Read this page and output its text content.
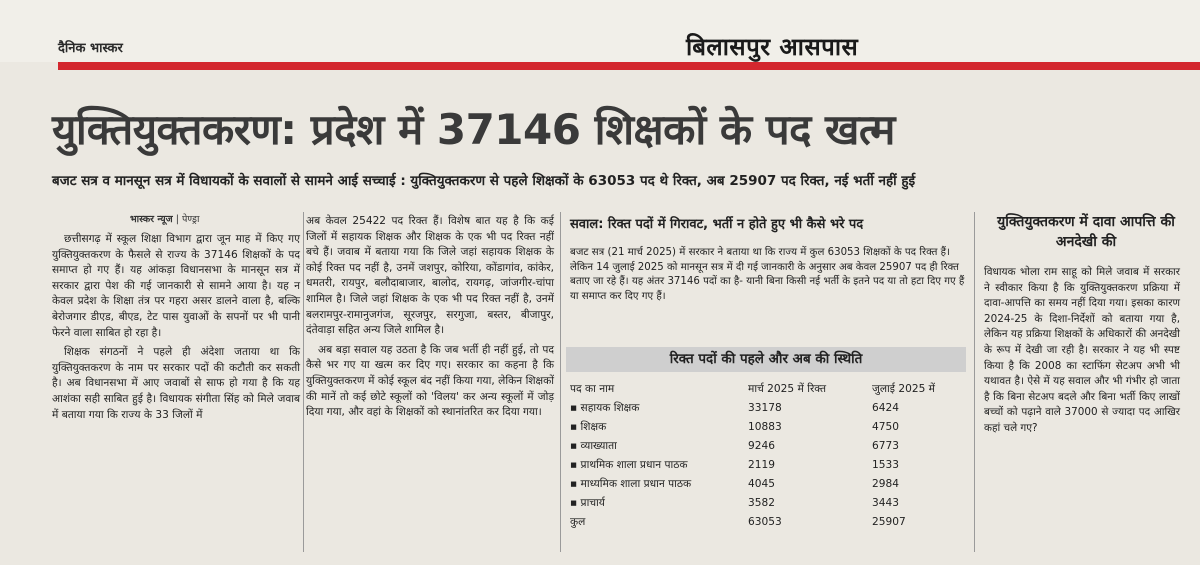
दैनिक भास्कर	बिलासपुर आसपास
युक्तियुक्तकरण: प्रदेश में 37146 शिक्षकों के पद खत्म
बजट सत्र व मानसून सत्र में विधायकों के सवालों से सामने आई सच्चाई : युक्तियुक्तकरण से पहले शिक्षकों के 63053 पद थे रिक्त, अब 25907 पद रिक्त, नई भर्ती नहीं हुई
भास्कर न्यूज | पेण्ड्रा

छत्तीसगढ़ में स्कूल शिक्षा विभाग द्वारा जून माह में किए गए युक्तियुक्तकरण के फैसले से राज्य के 37146 शिक्षकों के पद समाप्त हो गए हैं। यह आंकड़ा विधानसभा के मानसून सत्र में सरकार द्वारा पेश की गई जानकारी से सामने आया है। यह न केवल प्रदेश के शिक्षा तंत्र पर गहरा असर डालने वाला है, बल्कि बेरोजगार डीएड, बीएड, टेट पास युवाओं के सपनों पर भी पानी फेरने वाला साबित हो रहा है।

शिक्षक संगठनों ने पहले ही अंदेशा जताया था कि युक्तियुक्तकरण के नाम पर सरकार पदों की कटौती कर सकती है। अब विधानसभा में आए जवाबों से साफ हो गया है कि यह आशंका सही साबित हुई है। विधायक संगीता सिंह को मिले जवाब में बताया गया कि राज्य के 33 जिलों में

अब केवल 25422 पद रिक्त हैं। विशेष बात यह है कि कई जिलों में सहायक शिक्षक और शिक्षक के एक भी पद रिक्त नहीं बचे हैं। जवाब में बताया गया कि जिले जहां सहायक शिक्षक के कोई रिक्त पद नहीं है, उनमें जशपुर, कोरिया, कोंडागांव, कांकेर, धमतरी, रायपुर, बलौदाबाजार, बालोद, रायगढ़, जांजगीर-चांपा शामिल है। जिले जहां शिक्षक के एक भी पद रिक्त नहीं है, उनमें बलरामपुर-रामानुजगंज, सूरजपुर, सरगुजा, बस्तर, बीजापुर, दंतेवाड़ा सहित अन्य जिले शामिल है।

अब बड़ा सवाल यह उठता है कि जब भर्ती ही नहीं हुई, तो पद कैसे भर गए या खत्म कर दिए गए। सरकार का कहना है कि युक्तियुक्तकरण में कोई स्कूल बंद नहीं किया गया, लेकिन शिक्षकों की मानें तो कई छोटे स्कूलों को 'विलय' कर अन्य स्कूलों में जोड़ दिया गया, और वहां के शिक्षकों को स्थानांतरित कर दिया गया।

सवाल: रिक्त पदों में गिरावट, भर्ती न होते हुए भी कैसे भरे पद
बजट सत्र (21 मार्च 2025) में सरकार ने बताया था कि राज्य में कुल 63053 शिक्षकों के पद रिक्त हैं। लेकिन 14 जुलाई 2025 को मानसून सत्र में दी गई जानकारी के अनुसार अब केवल 25907 पद ही रिक्त बताए जा रहे हैं। यह अंतर 37146 पदों का है- यानी बिना किसी नई भर्ती के इतने पद या तो हटा दिए गए हैं या समाप्त कर दिए गए हैं।
रिक्त पदों की पहले और अब की स्थिति
पद का नाम	मार्च 2025 में रिक्त	जुलाई 2025 में
▪ सहायक शिक्षक	33178	6424
▪ शिक्षक	10883	4750
▪ व्याख्याता	9246	6773
▪ प्राथमिक शाला प्रधान पाठक	2119	1533
▪ माध्यमिक शाला प्रधान पाठक	4045	2984
▪ प्राचार्य	3582	3443
कुल	63053	25907
युक्तियुक्तकरण में दावा आपत्ति की अनदेखी की

विधायक भोला राम साहू को मिले जवाब में सरकार ने स्वीकार किया है कि युक्तियुक्तकरण प्रक्रिया में दावा-आपत्ति का समय नहीं दिया गया। इसका कारण 2024-25 के दिशा-निर्देशों को बताया गया है, लेकिन यह प्रक्रिया शिक्षकों के अधिकारों की अनदेखी के रूप में देखी जा रही है। सरकार ने यह भी स्पष्ट किया है कि 2008 का स्टाफिंग सेटअप अभी भी यथावत है। ऐसे में यह सवाल और भी गंभीर हो जाता है कि बिना सेटअप बदले और बिना भर्ती किए लाखों बच्चों को पढ़ाने वाले 37000 से ज्यादा पद आखिर कहां चले गए?
